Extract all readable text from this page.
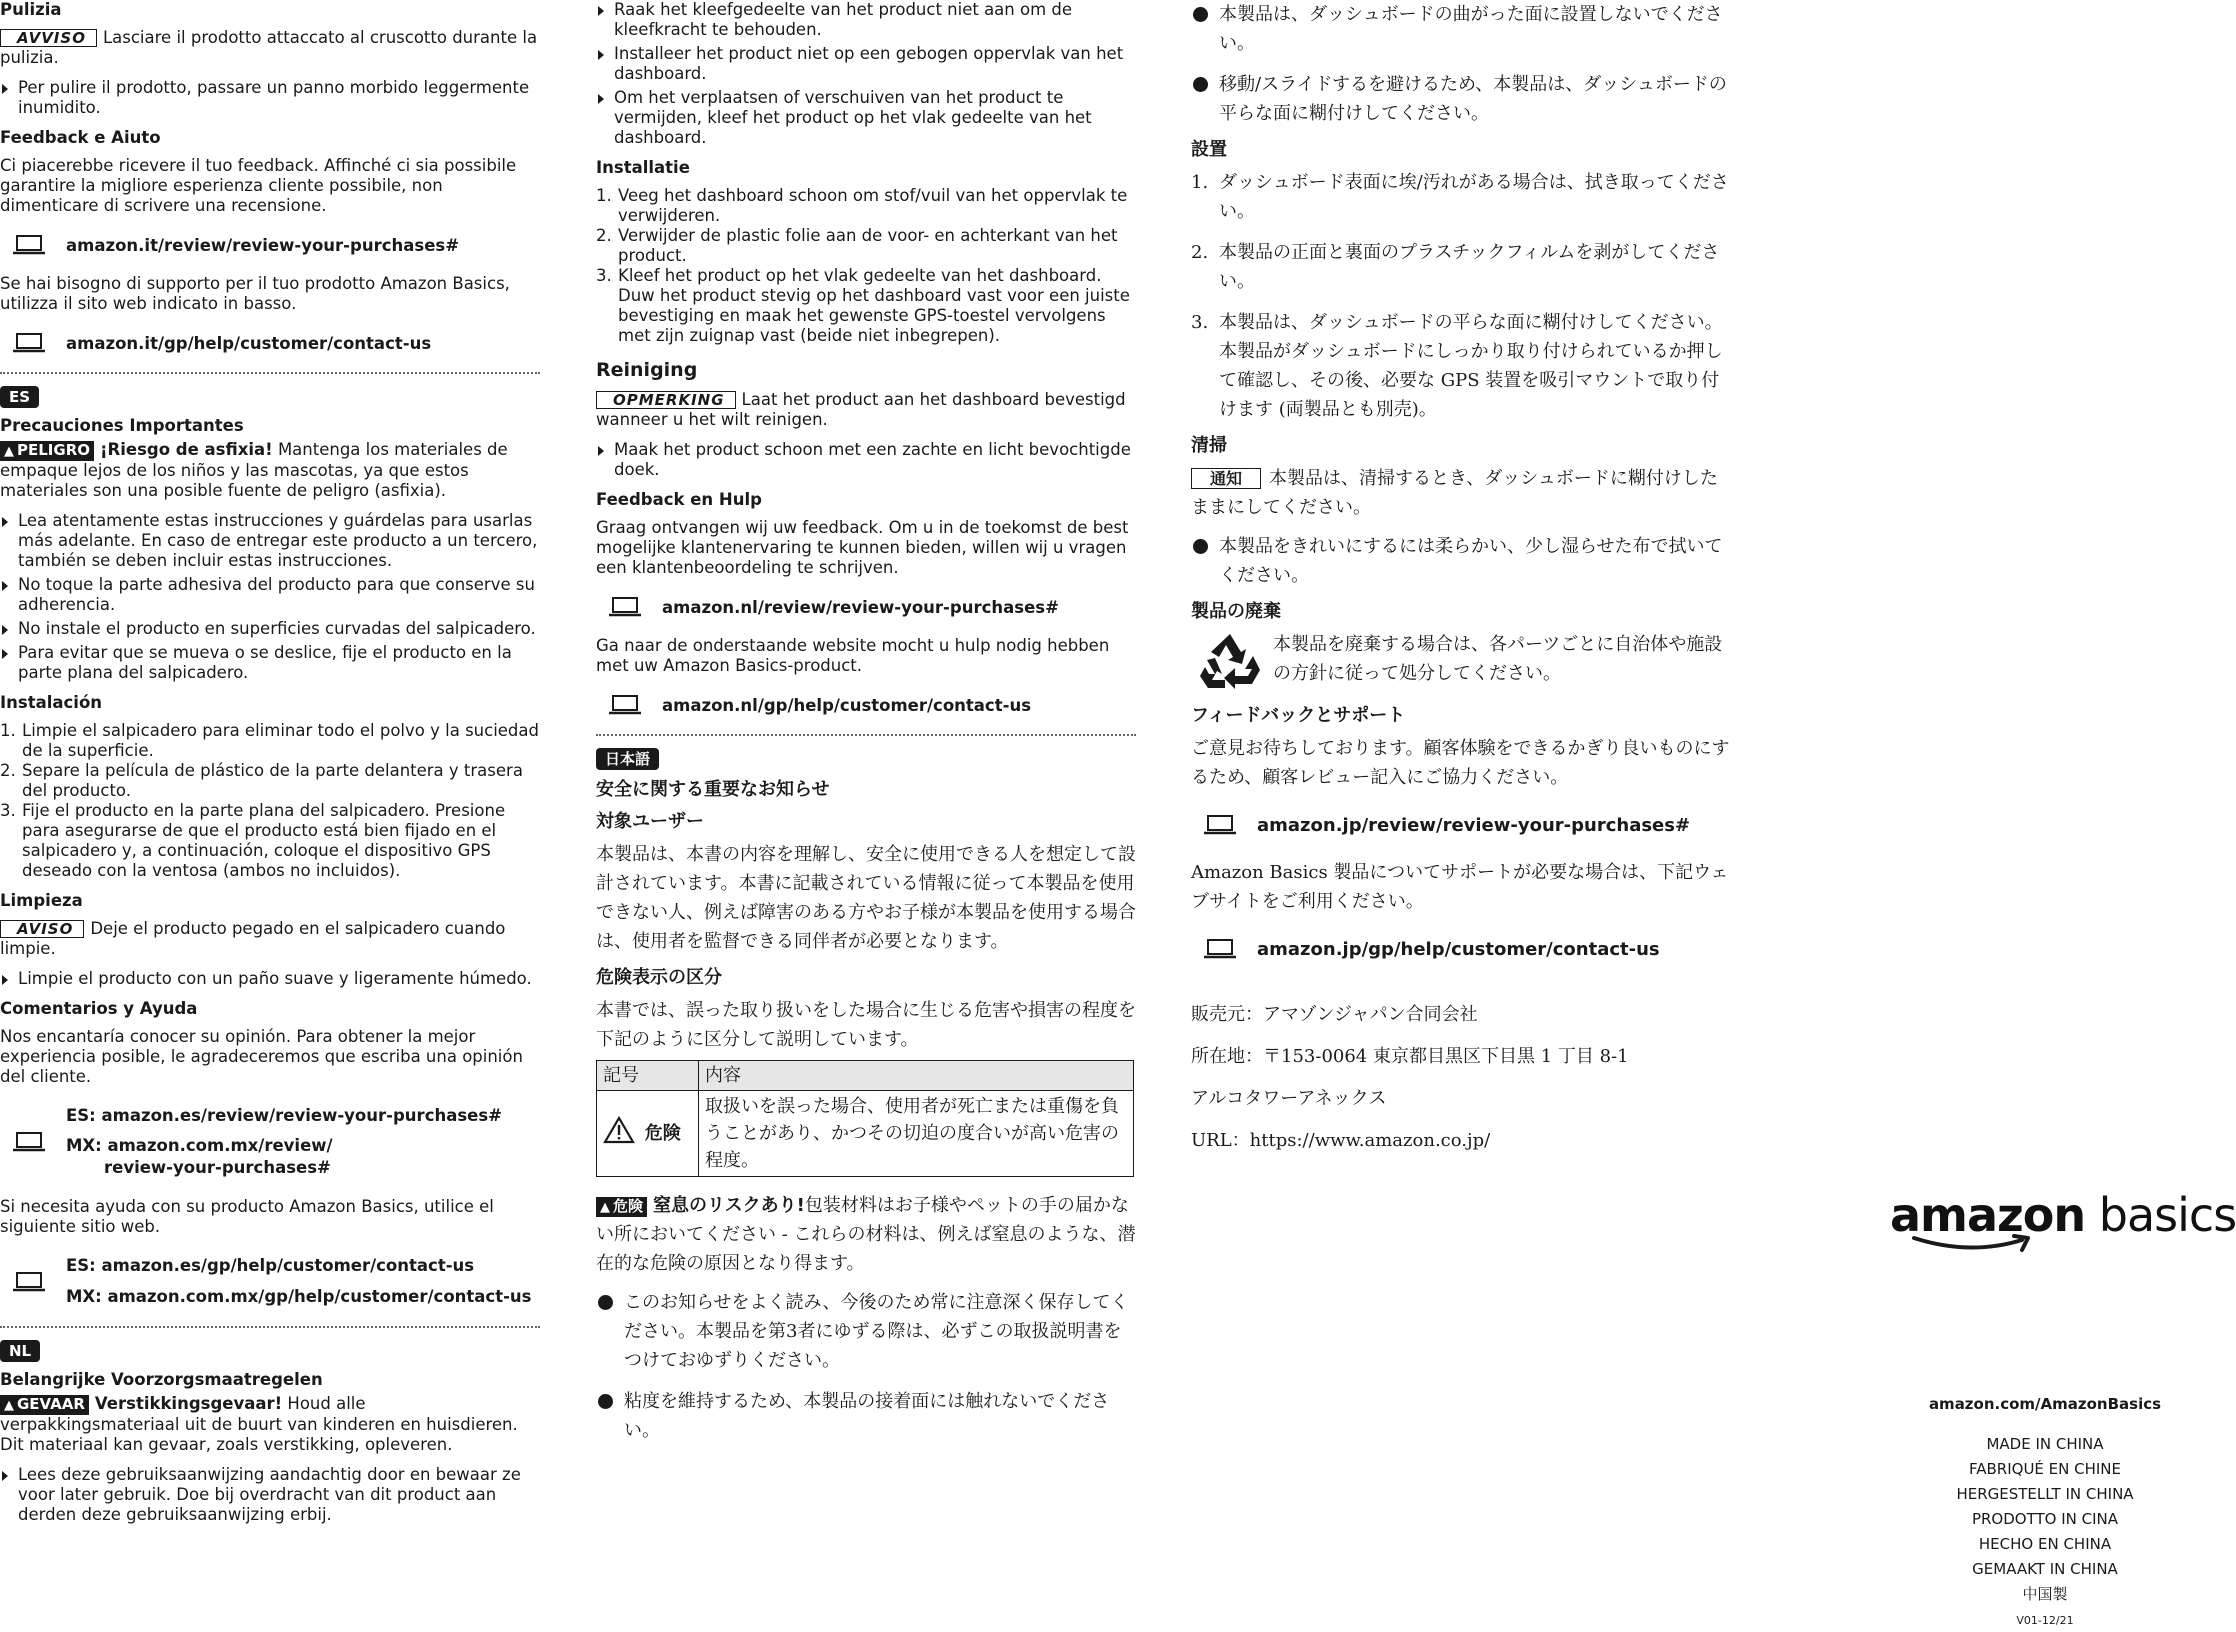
Pulizia

AVVISO Lasciare il prodotto attaccato al cruscotto durante la pulizia.

Per pulire il prodotto, passare un panno morbido leggermente inumidito.

Feedback e Aiuto

Ci piacerebbe ricevere il tuo feedback. Affinché ci sia possibile garantire la migliore esperienza cliente possibile, non dimenticare di scrivere una recensione.

amazon.it/review/review-your-purchases#

Se hai bisogno di supporto per il tuo prodotto Amazon Basics, utilizza il sito web indicato in basso.

amazon.it/gp/help/customer/contact-us
ES
Precauciones Importantes

▲ PELIGRO ¡Riesgo de asfixia! Mantenga los materiales de empaque lejos de los niños y las mascotas, ya que estos materiales son una posible fuente de peligro (asfixia).

Lea atentamente estas instrucciones y guárdelas para usarlas más adelante. En caso de entregar este producto a un tercero, también se deben incluir estas instrucciones.

No toque la parte adhesiva del producto para que conserve su adherencia.

No instale el producto en superficies curvadas del salpicadero.

Para evitar que se mueva o se deslice, fije el producto en la parte plana del salpicadero.

Instalación

1. Limpie el salpicadero para eliminar todo el polvo y la suciedad de la superficie.

2. Separe la película de plástico de la parte delantera y trasera del producto.

3. Fije el producto en la parte plana del salpicadero. Presione para asegurarse de que el producto está bien fijado en el salpicadero y, a continuación, coloque el dispositivo GPS deseado con la ventosa (ambos no incluidos).

Limpieza

AVISO Deje el producto pegado en el salpicadero cuando limpie.

Limpie el producto con un paño suave y ligeramente húmedo.

Comentarios y Ayuda

Nos encantaría conocer su opinión. Para obtener la mejor experiencia posible, le agradeceremos que escriba una opinión del cliente.

ES: amazon.es/review/review-your-purchases#
MX: amazon.com.mx/review/
review-your-purchases#

Si necesita ayuda con su producto Amazon Basics, utilice el siguiente sitio web.

ES: amazon.es/gp/help/customer/contact-us
MX: amazon.com.mx/gp/help/customer/contact-us
NL
Belangrijke Voorzorgsmaatregelen

▲ GEVAAR Verstikkingsgevaar! Houd alle verpakkingsmateriaal uit de buurt van kinderen en huisdieren. Dit materiaal kan gevaar, zoals verstikking, opleveren.

Lees deze gebruiksaanwijzing aandachtig door en bewaar ze voor later gebruik. Doe bij overdracht van dit product aan derden deze gebruiksaanwijzing erbij.

Raak het kleefgedeelte van het product niet aan om de kleefkracht te behouden.

Installeer het product niet op een gebogen oppervlak van het dashboard.

Om het verplaatsen of verschuiven van het product te vermijden, kleef het product op het vlak gedeelte van het dashboard.

Installatie

1. Veeg het dashboard schoon om stof/vuil van het oppervlak te verwijderen.

2. Verwijder de plastic folie aan de voor- en achterkant van het product.

3. Kleef het product op het vlak gedeelte van het dashboard. Duw het product stevig op het dashboard vast voor een juiste bevestiging en maak het gewenste GPS-toestel vervolgens met zijn zuignap vast (beide niet inbegrepen).

Reiniging

OPMERKING Laat het product aan het dashboard bevestigd wanneer u het wilt reinigen.

Maak het product schoon met een zachte en licht bevochtigde doek.

Feedback en Hulp

Graag ontvangen wij uw feedback. Om u in de toekomst de best mogelijke klantenervaring te kunnen bieden, willen wij u vragen een klantenbeoordeling te schrijven.

amazon.nl/review/review-your-purchases#

Ga naar de onderstaande website mocht u hulp nodig hebben met uw Amazon Basics-product.

amazon.nl/gp/help/customer/contact-us
日本語
安全に関する重要なお知らせ
対象ユーザー

本製品は、本書の内容を理解し、安全に使用できる人を想定して設計されています。本書に記載されている情報に従って本製品を使用できない人、例えば障害のある方やお子様が本製品を使用する場合は、使用者を監督できる同伴者が必要となります。

危険表示の区分

本書では、誤った取り扱いをした場合に生じる危害や損害の程度を下記のように区分して説明しています。

記号	内容
危険	取扱いを誤った場合、使用者が死亡または重傷を負うことがあり、かつその切迫の度合いが高い危害の程度。

▲ 危険 窒息のリスクあり!包装材料はお子様やペットの手の届かない所においてください - これらの材料は、例えば窒息のような、潜在的な危険の原因となり得ます。

このお知らせをよく読み、今後のため常に注意深く保存してください。本製品を第3者にゆずる際は、必ずこの取扱説明書をつけておゆずりください。
粘度を維持するため、本製品の接着面には触れないでください。
本製品は、ダッシュボードの曲がった面に設置しないでください。
移動/スライドするを避けるため、本製品は、ダッシュボードの平らな面に糊付けしてください。
設置
1. ダッシュボード表面に埃/汚れがある場合は、拭き取ってください。
2. 本製品の正面と裏面のプラスチックフィルムを剥がしてください。
3. 本製品は、ダッシュボードの平らな面に糊付けしてください。本製品がダッシュボードにしっかり取り付けられているか押して確認し、その後、必要な GPS 装置を吸引マウントで取り付けます (両製品とも別売)。
清掃

通知 本製品は、清掃するとき、ダッシュボードに糊付けしたままにしてください。

本製品をきれいにするには柔らかい、少し湿らせた布で拭いてください。
製品の廃棄

本製品を廃棄する場合は、各パーツごとに自治体や施設の方針に従って処分してください。

フィードバックとサポート

ご意見お待ちしております。顧客体験をできるかぎり良いものにするため、顧客レビュー記入にご協力ください。

amazon.jp/review/review-your-purchases#

Amazon Basics 製品についてサポートが必要な場合は、下記ウェブサイトをご利用ください。

amazon.jp/gp/help/customer/contact-us

販売元：アマゾンジャパン合同会社

所在地：〒153-0064 東京都目黒区下目黒 1 丁目 8-1

アルコタワーアネックス

URL：https://www.amazon.co.jp/

amazon basics
amazon.com/AmazonBasics
MADE IN CHINA
FABRIQUÉ EN CHINE
HERGESTELLT IN CHINA
PRODOTTO IN CINA
HECHO EN CHINA
GEMAAKT IN CHINA
中国製
V01-12/21
